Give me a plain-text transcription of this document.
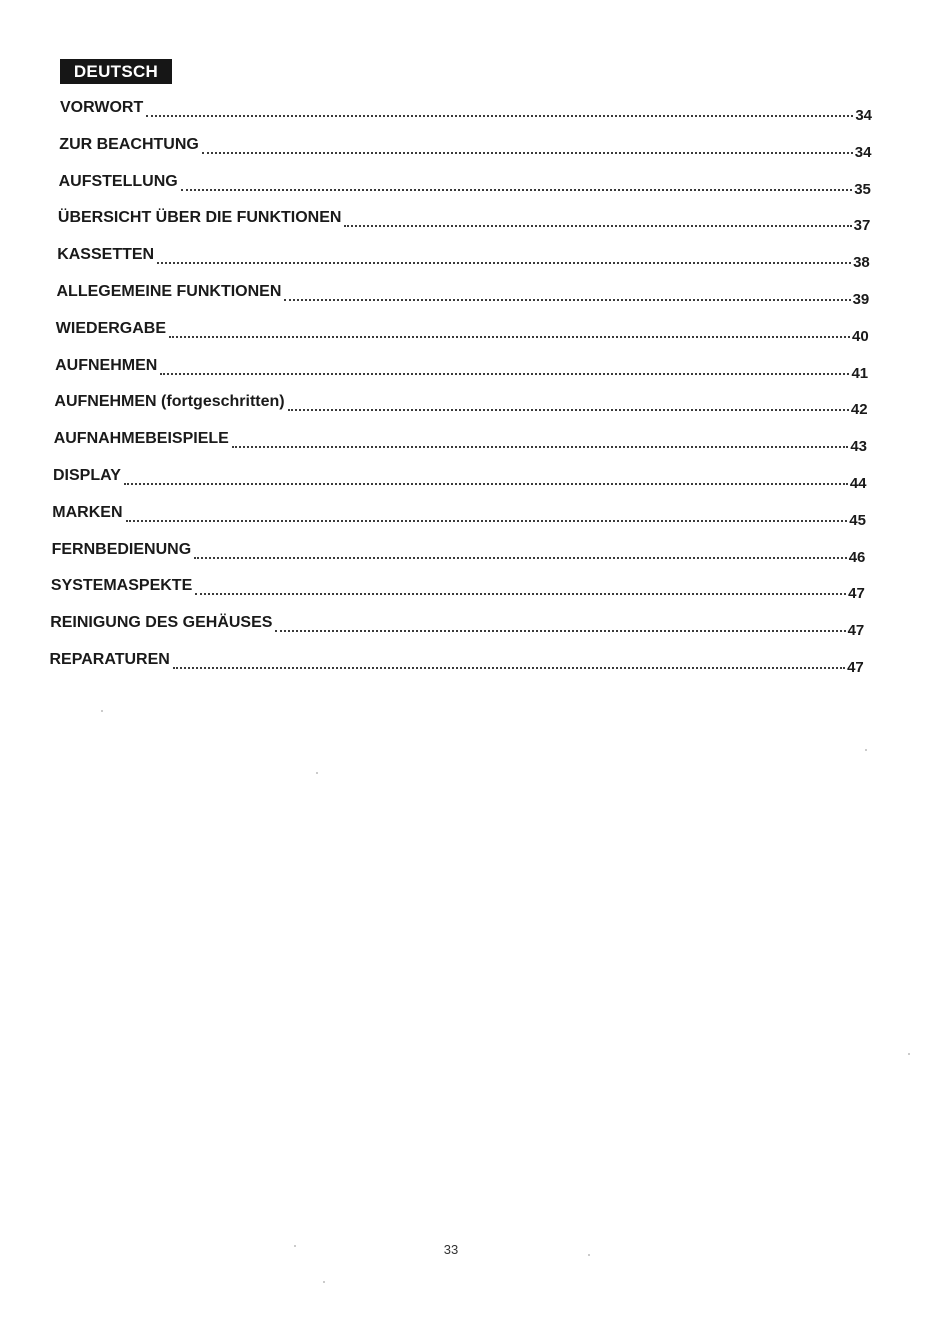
DEUTSCH
VORWORT	34
ZUR BEACHTUNG	34
AUFSTELLUNG	35
ÜBERSICHT ÜBER DIE FUNKTIONEN	37
KASSETTEN	38
ALLEGEMEINE FUNKTIONEN	39
WIEDERGABE	40
AUFNEHMEN	41
AUFNEHMEN (fortgeschritten)	42
AUFNAHMEBEISPIELE	43
DISPLAY	44
MARKEN	45
FERNBEDIENUNG	46
SYSTEMASPEKTE	47
REINIGUNG DES GEHÄUSES	47
REPARATUREN	47
33
